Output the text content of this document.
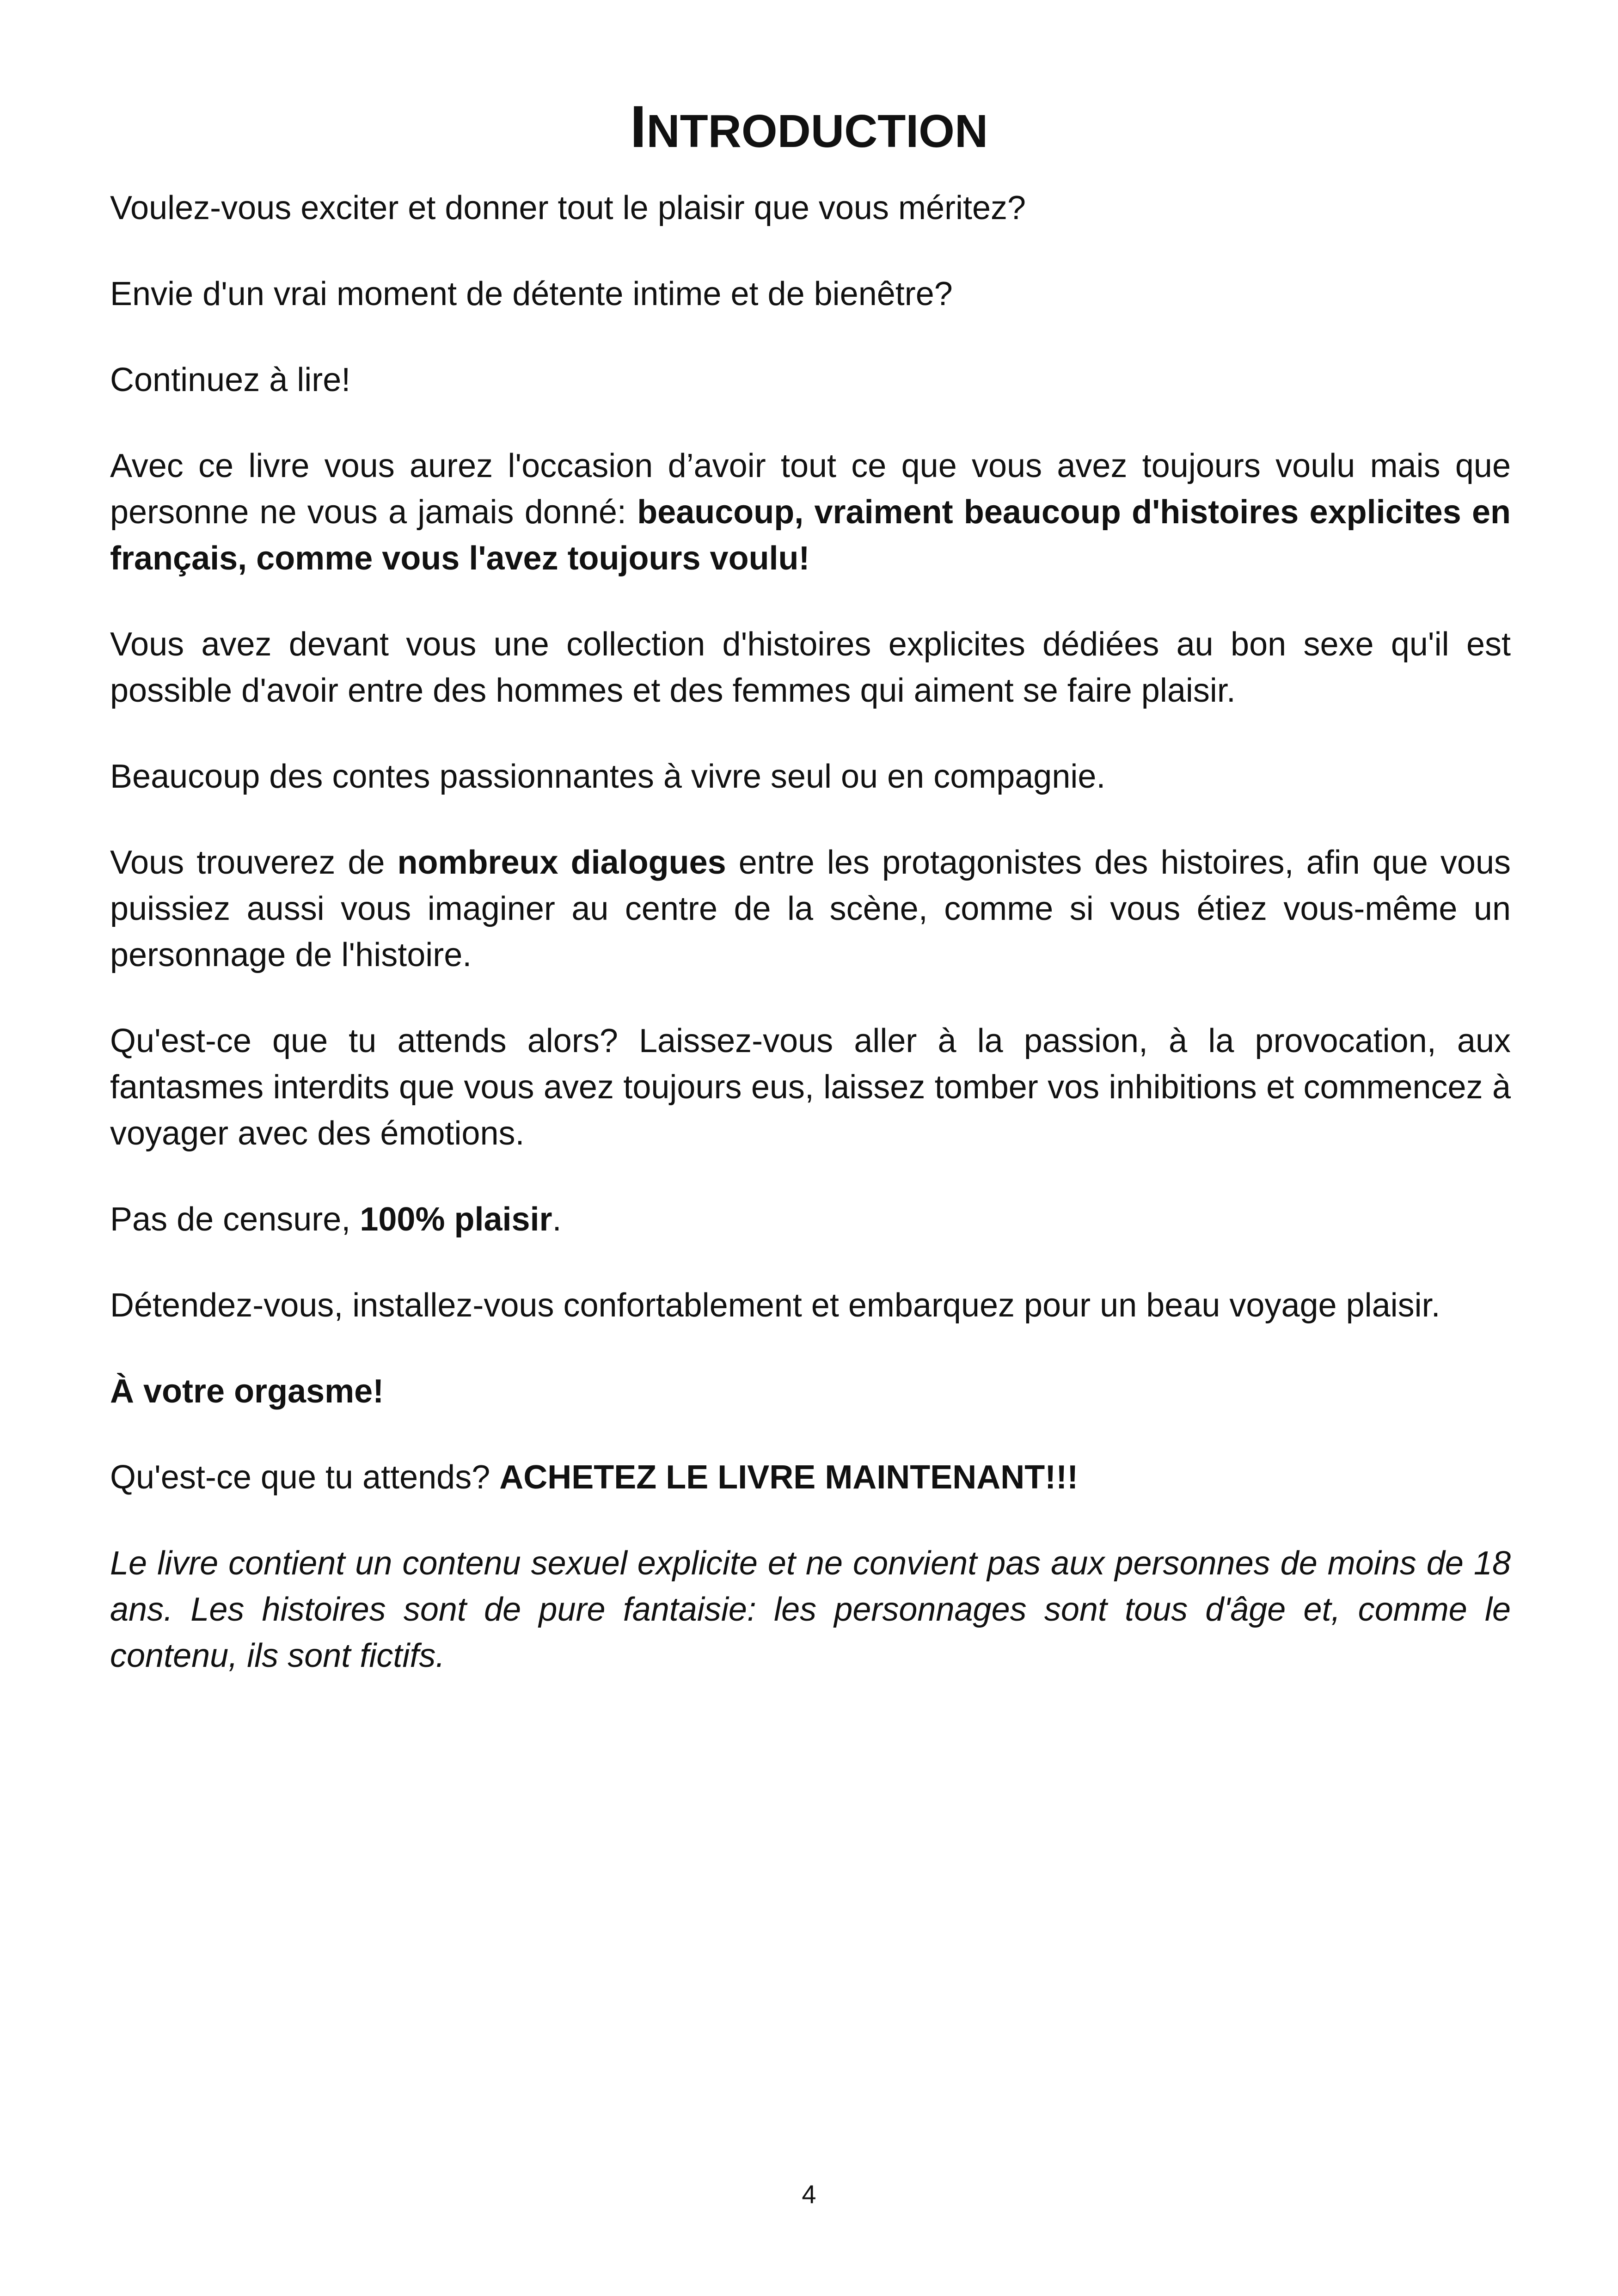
INTRODUCTION

Voulez-vous exciter et donner tout le plaisir que vous méritez?

Envie d'un vrai moment de détente intime et de bienêtre?

Continuez à lire!

Avec ce livre vous aurez l'occasion d’avoir tout ce que vous avez toujours voulu mais que personne ne vous a jamais donné: beaucoup, vraiment beaucoup d'histoires explicites en français, comme vous l'avez toujours voulu!

Vous avez devant vous une collection d'histoires explicites dédiées au bon sexe qu'il est possible d'avoir entre des hommes et des femmes qui aiment se faire plaisir.

Beaucoup des contes passionnantes à vivre seul ou en compagnie.

Vous trouverez de nombreux dialogues entre les protagonistes des histoires, afin que vous puissiez aussi vous imaginer au centre de la scène, comme si vous étiez vous-même un personnage de l'histoire.

Qu'est-ce que tu attends alors? Laissez-vous aller à la passion, à la provocation, aux fantasmes interdits que vous avez toujours eus, laissez tomber vos inhibitions et commencez à voyager avec des émotions.

Pas de censure, 100% plaisir.

Détendez-vous, installez-vous confortablement et embarquez pour un beau voyage plaisir.

À votre orgasme!

Qu'est-ce que tu attends? ACHETEZ LE LIVRE MAINTENANT!!!

Le livre contient un contenu sexuel explicite et ne convient pas aux personnes de moins de 18 ans. Les histoires sont de pure fantaisie: les personnages sont tous d'âge et, comme le contenu, ils sont fictifs.

4
